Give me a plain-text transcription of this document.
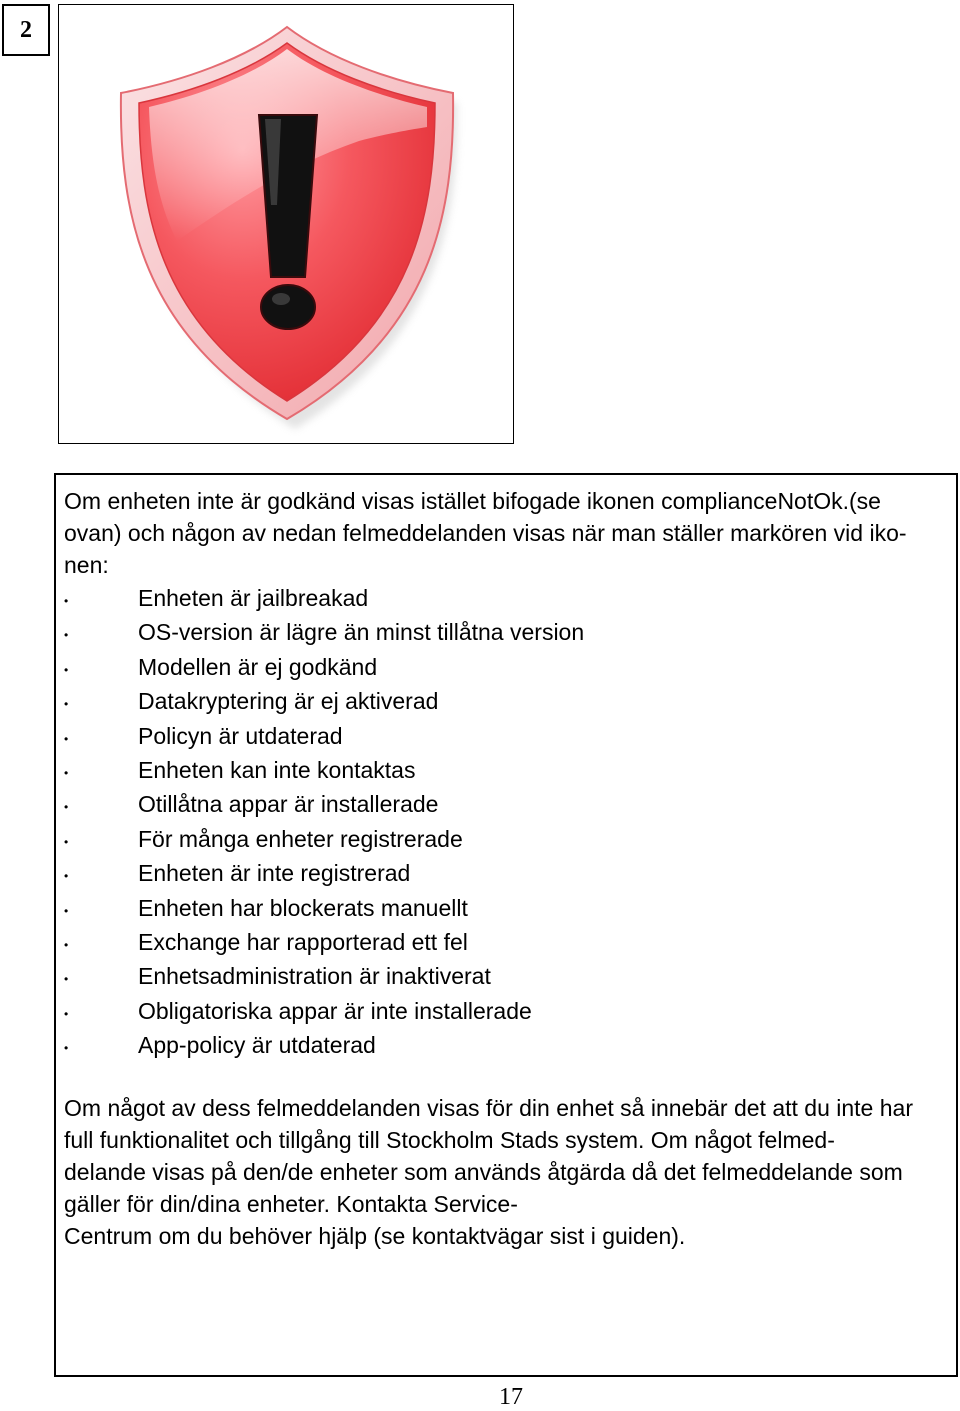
2

Om enheten inte är godkänd visas istället bifogade ikonen complianceNotOk.(se
ovan) och någon av nedan felmeddelanden visas när man ställer markören vid iko-
nen:

•	Enheten är jailbreakad
•	OS-version är lägre än minst tillåtna version
•	Modellen är ej godkänd
•	Datakryptering är ej aktiverad
•	Policyn är utdaterad
•	Enheten kan inte kontaktas
•	Otillåtna appar är installerade
•	För många enheter registrerade
•	Enheten är inte registrerad
•	Enheten har blockerats manuellt
•	Exchange har rapporterad ett fel
•	Enhetsadministration är inaktiverat
•	Obligatoriska appar är inte installerade
•	App-policy är utdaterad

Om något av dess felmeddelanden visas för din enhet så innebär det att du inte har
full funktionalitet och tillgång till Stockholm Stads system. Om något felmed-
delande visas på den/de enheter som används åtgärda då det felmeddelande som
gäller för din/dina enheter. Kontakta Service-
Centrum om du behöver hjälp (se kontaktvägar sist i guiden).

17
